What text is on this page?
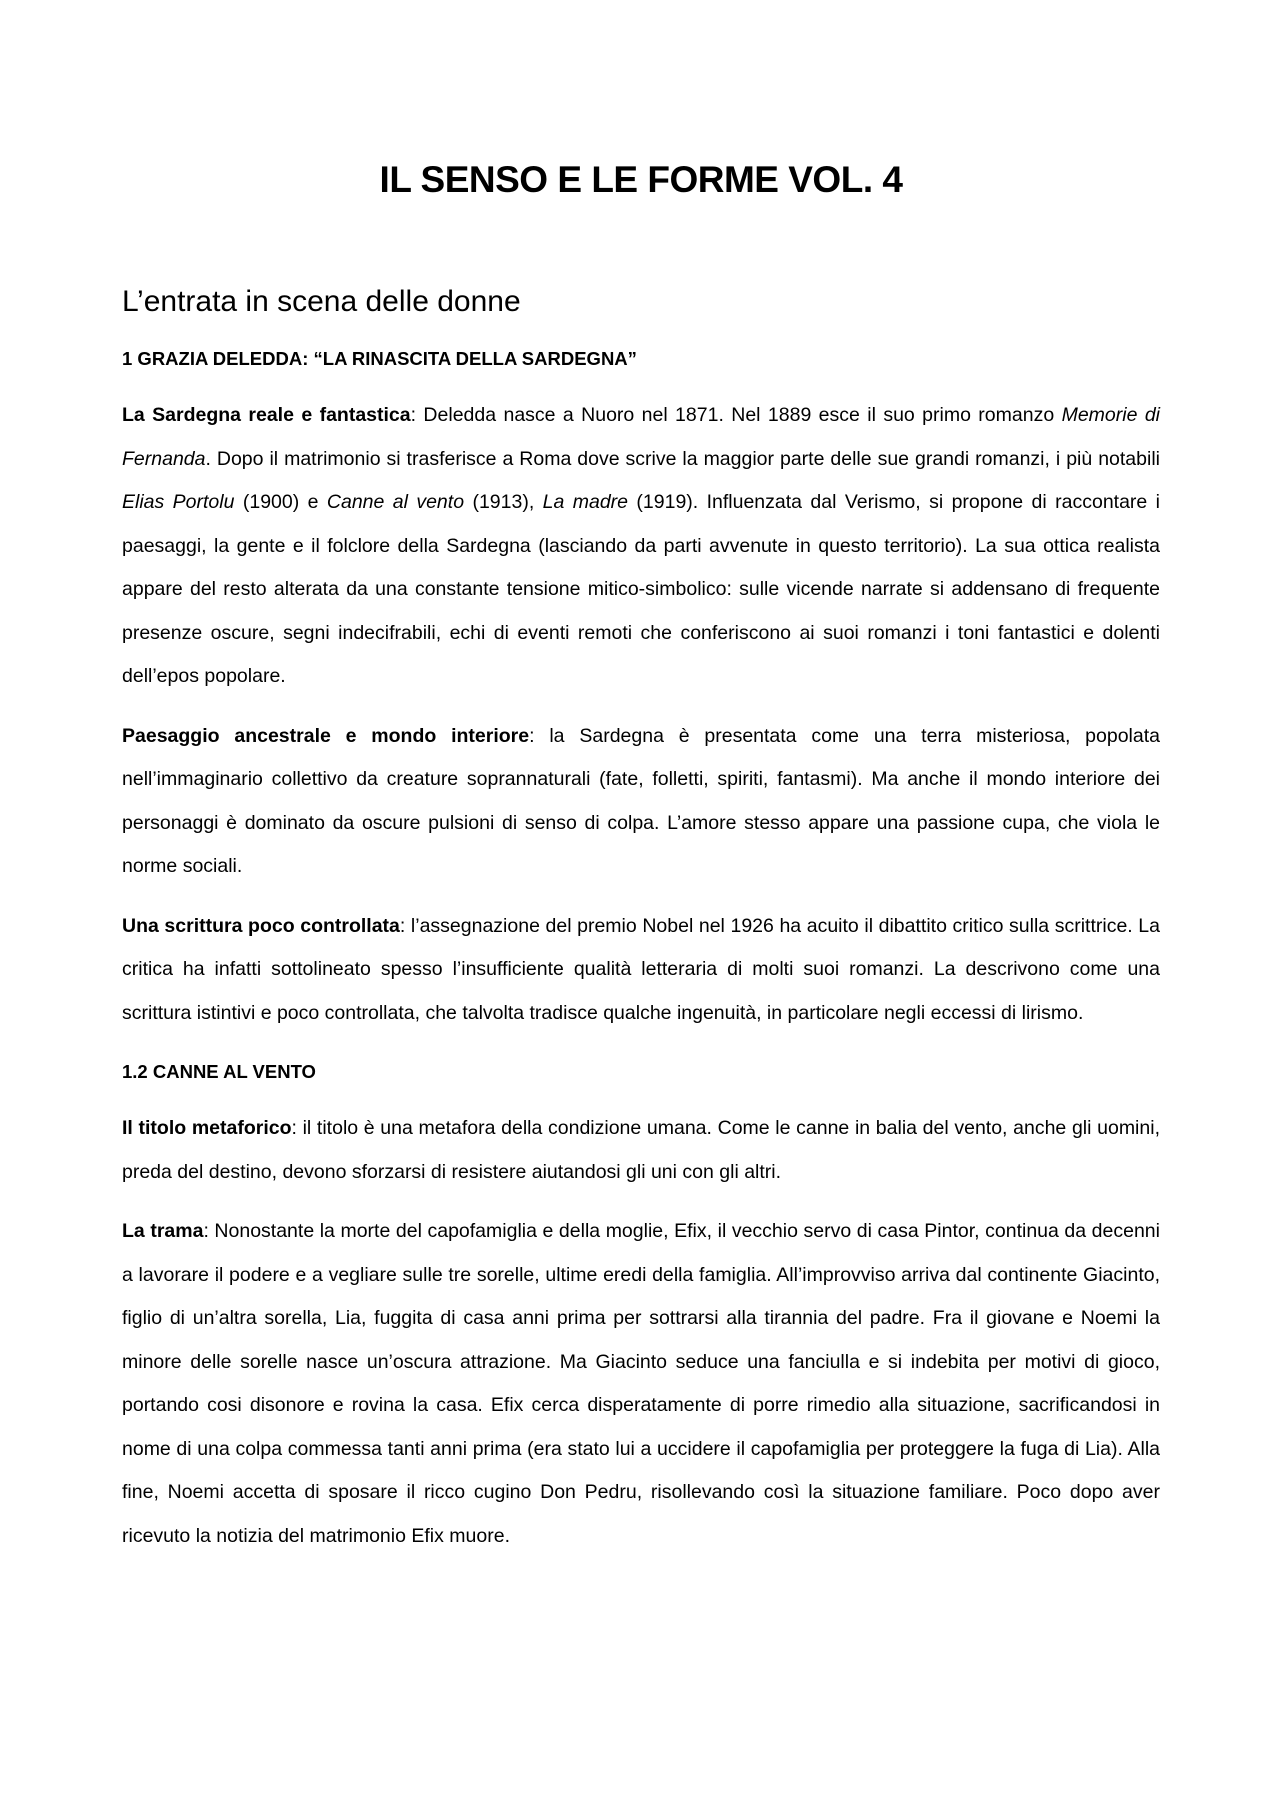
IL SENSO E LE FORME VOL. 4
L’entrata in scena delle donne
1 GRAZIA DELEDDA: “LA RINASCITA DELLA SARDEGNA”

La Sardegna reale e fantastica: Deledda nasce a Nuoro nel 1871. Nel 1889 esce il suo primo romanzo Memorie di Fernanda. Dopo il matrimonio si trasferisce a Roma dove scrive la maggior parte delle sue grandi romanzi, i più notabili Elias Portolu (1900) e Canne al vento (1913), La madre (1919). Influenzata dal Verismo, si propone di raccontare i paesaggi, la gente e il folclore della Sardegna (lasciando da parti avvenute in questo territorio). La sua ottica realista appare del resto alterata da una constante tensione mitico-simbolico: sulle vicende narrate si addensano di frequente presenze oscure, segni indecifrabili, echi di eventi remoti che conferiscono ai suoi romanzi i toni fantastici e dolenti dell’epos popolare.

Paesaggio ancestrale e mondo interiore: la Sardegna è presentata come una terra misteriosa, popolata nell’immaginario collettivo da creature soprannaturali (fate, folletti, spiriti, fantasmi). Ma anche il mondo interiore dei personaggi è dominato da oscure pulsioni di senso di colpa. L’amore stesso appare una passione cupa, che viola le norme sociali.

Una scrittura poco controllata: l’assegnazione del premio Nobel nel 1926 ha acuito il dibattito critico sulla scrittrice. La critica ha infatti sottolineato spesso l’insufficiente qualità letteraria di molti suoi romanzi. La descrivono come una scrittura istintivi e poco controllata, che talvolta tradisce qualche ingenuità, in particolare negli eccessi di lirismo.

1.2 CANNE AL VENTO

Il titolo metaforico: il titolo è una metafora della condizione umana. Come le canne in balia del vento, anche gli uomini, preda del destino, devono sforzarsi di resistere aiutandosi gli uni con gli altri.

La trama: Nonostante la morte del capofamiglia e della moglie, Efix, il vecchio servo di casa Pintor, continua da decenni a lavorare il podere e a vegliare sulle tre sorelle, ultime eredi della famiglia. All’improvviso arriva dal continente Giacinto, figlio di un’altra sorella, Lia, fuggita di casa anni prima per sottrarsi alla tirannia del padre. Fra il giovane e Noemi la minore delle sorelle nasce un’oscura attrazione. Ma Giacinto seduce una fanciulla e si indebita per motivi di gioco, portando cosi disonore e rovina la casa. Efix cerca disperatamente di porre rimedio alla situazione, sacrificandosi in nome di una colpa commessa tanti anni prima (era stato lui a uccidere il capofamiglia per proteggere la fuga di Lia). Alla fine, Noemi accetta di sposare il ricco cugino Don Pedru, risollevando così la situazione familiare. Poco dopo aver ricevuto la notizia del matrimonio Efix muore.
